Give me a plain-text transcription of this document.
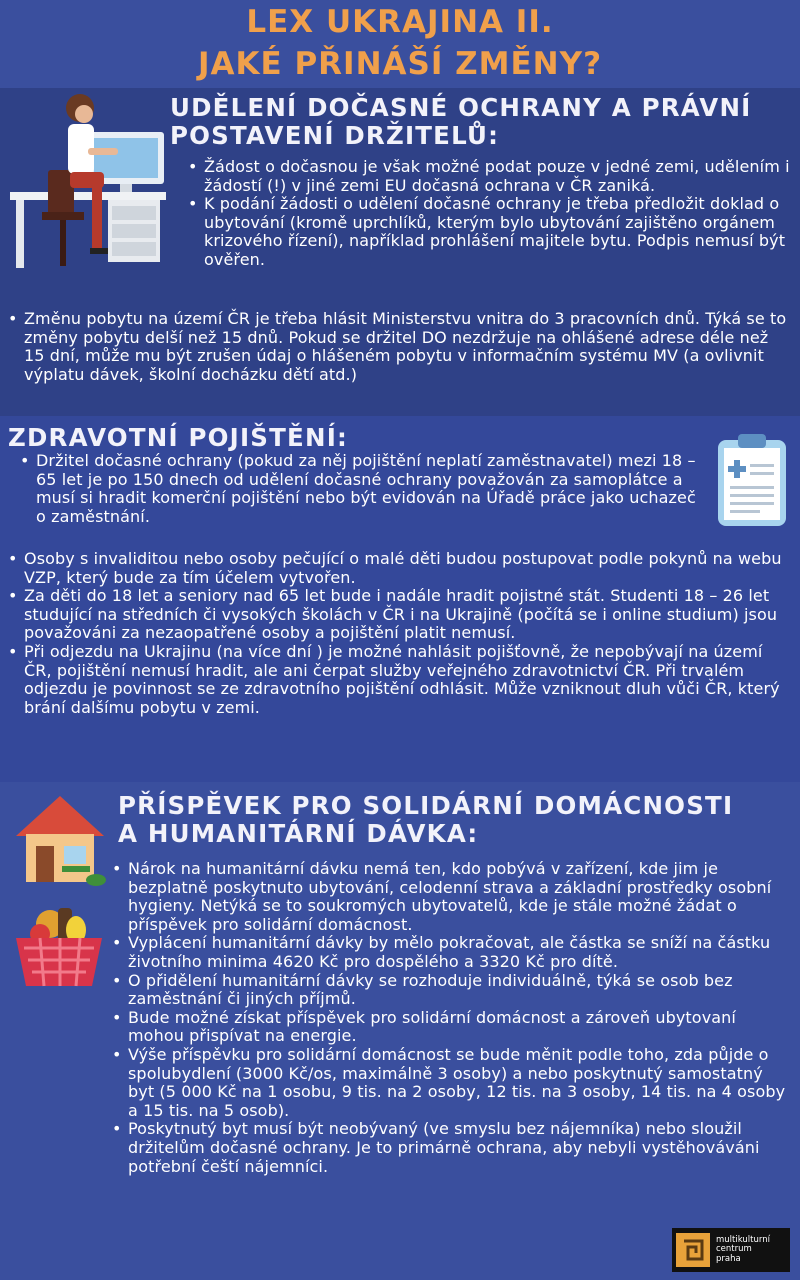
LEX UKRAJINA II.
JAKÉ PŘINÁŠÍ ZMĚNY?
UDĚLENÍ DOČASNÉ OCHRANY A PRÁVNÍ
POSTAVENÍ DRŽITELŮ:
• Žádost o dočasnou je však možné podat pouze v jedné zemi, udělením i žádostí (!) v jiné zemi EU dočasná ochrana v ČR zaniká.
• K podání žádosti o udělení dočasné ochrany je třeba předložit doklad o ubytování (kromě uprchlíků, kterým bylo ubytování zajištěno orgánem krizového řízení), například prohlášení majitele bytu. Podpis nemusí být ověřen.
• Změnu pobytu na území ČR je třeba hlásit Ministerstvu vnitra do 3 pracovních dnů. Týká se to změny pobytu delší než 15 dnů. Pokud se držitel DO nezdržuje na ohlášené adrese déle než 15 dní, může mu být zrušen údaj o hlášeném pobytu v informačním systému MV (a ovlivnit výplatu dávek, školní docházku dětí atd.)
ZDRAVOTNÍ POJIŠTĚNÍ:
• Držitel dočasné ochrany (pokud za něj pojištění neplatí zaměstnavatel) mezi 18 – 65 let je po 150 dnech od udělení dočasné ochrany považován za samoplátce a musí si hradit komerční pojištění nebo být evidován na Úřadě práce jako uchazeč o zaměstnání.
• Osoby s invaliditou nebo osoby pečující o malé děti budou postupovat podle pokynů na webu VZP, který bude za tím účelem vytvořen.
• Za děti do 18 let a seniory nad 65 let bude i nadále hradit pojistné stát. Studenti 18 – 26 let studující na středních či vysokých školách v ČR i na Ukrajině (počítá se i online studium) jsou považováni za nezaopatřené osoby a pojištění platit nemusí.
• Při odjezdu na Ukrajinu (na více dní ) je možné nahlásit pojišťovně, že nepobývají na území ČR, pojištění nemusí hradit, ale ani čerpat služby veřejného zdravotnictví ČR. Při trvalém odjezdu je povinnost se ze zdravotního pojištění odhlásit. Může vzniknout dluh vůči ČR, který brání dalšímu pobytu v zemi.
PŘÍSPĚVEK PRO SOLIDÁRNÍ DOMÁCNOSTI
A HUMANITÁRNÍ DÁVKA:
• Nárok na humanitární dávku nemá ten, kdo pobývá v zařízení, kde jim je bezplatně poskytnuto ubytování, celodenní strava a základní prostředky osobní hygieny. Netýká se to soukromých ubytovatelů, kde je stále možné žádat o příspěvek pro solidární domácnost.
• Vyplácení humanitární dávky by mělo pokračovat, ale částka se sníží na částku životního minima 4620 Kč pro dospělého a 3320 Kč pro dítě.
• O přidělení humanitární dávky se rozhoduje individuálně, týká se osob bez zaměstnání či jiných příjmů.
• Bude možné získat příspěvek pro solidární domácnost a zároveň ubytovaní mohou přispívat na energie.
• Výše příspěvku pro solidární domácnost se bude měnit podle toho, zda půjde o spolubydlení (3000 Kč/os, maximálně 3 osoby) a nebo poskytnutý samostatný byt (5 000 Kč na 1 osobu, 9 tis. na 2 osoby, 12 tis. na 3 osoby, 14 tis. na 4 osoby a 15 tis. na 5 osob).
• Poskytnutý byt musí být neobývaný (ve smyslu bez nájemníka) nebo sloužil držitelům dočasné ochrany. Je to primárně ochrana, aby nebyli vystěhováváni potřební čeští nájemníci.
multikulturní
centrum
praha
